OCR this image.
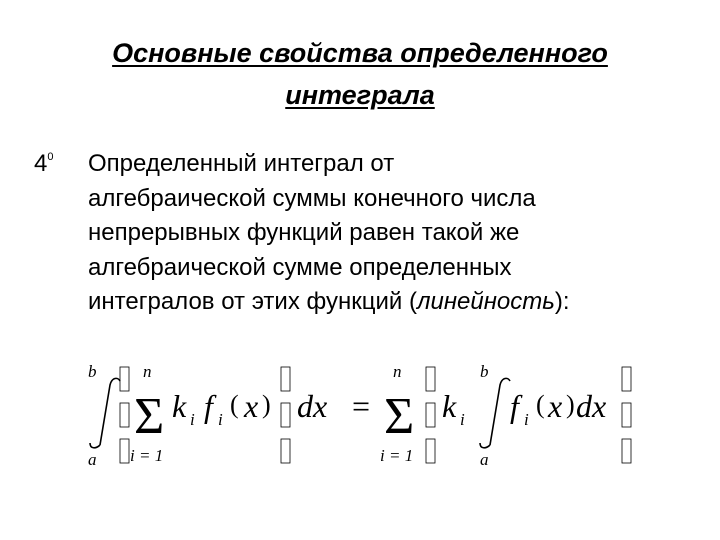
Основные свойства определенного
интеграла
$4^0$ Определенный интеграл от
алгебраической суммы конечного числа
непрерывных функций равен такой же
алгебраической сумме определенных
интегралов от этих функций (линейность):
b
a
n
Σ
i = 1
k i f i
( x ) dx =
n
Σ
i = 1
k i
b
a
f i
( x ) dx
